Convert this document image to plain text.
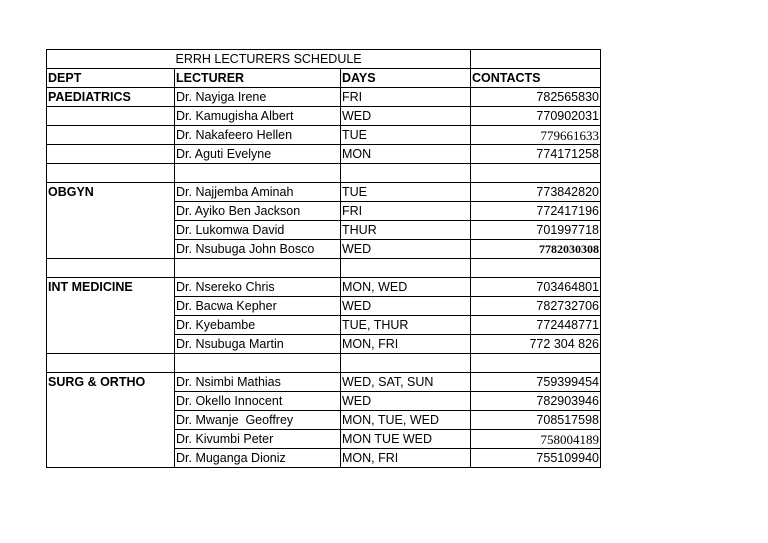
	ERRH LECTURERS SCHEDULE		
DEPT	LECTURER	DAYS	CONTACTS
PAEDIATRICS	Dr. Nayiga Irene	FRI	782565830
	Dr. Kamugisha Albert	WED	770902031
	Dr. Nakafeero Hellen	TUE	779661633
	Dr. Aguti Evelyne	MON	774171258

OBGYN	Dr. Najjemba Aminah	TUE	773842820
	Dr. Ayiko Ben Jackson	FRI	772417196
	Dr. Lukomwa David	THUR	701997718
	Dr. Nsubuga John Bosco	WED	7782030308

INT MEDICINE	Dr. Nsereko Chris	MON, WED	703464801
	Dr. Bacwa Kepher	WED	782732706
	Dr. Kyebambe	TUE, THUR	772448771
	Dr. Nsubuga Martin	MON, FRI	772 304 826

SURG & ORTHO	Dr. Nsimbi Mathias	WED, SAT, SUN	759399454
	Dr. Okello Innocent	WED	782903946
	Dr. Mwanje  Geoffrey	MON, TUE, WED	708517598
	Dr. Kivumbi Peter	MON TUE WED	758004189
	Dr. Muganga Dioniz	MON, FRI	755109940
